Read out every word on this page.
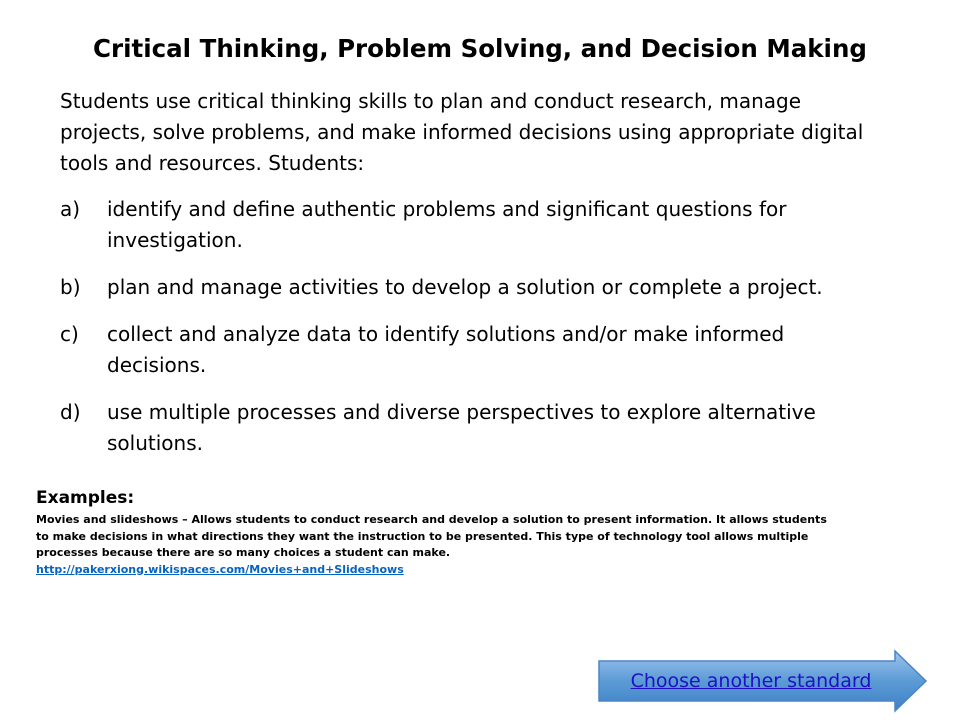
Critical Thinking, Problem Solving, and Decision Making
Students use critical thinking skills to plan and conduct research, manage projects, solve problems, and make informed decisions using appropriate digital tools and resources. Students:
a) identify and define authentic problems and significant questions for investigation.
b) plan and manage activities to develop a solution or complete a project.
c) collect and analyze data to identify solutions and/or make informed decisions.
d) use multiple processes and diverse perspectives to explore alternative solutions.
Examples:
Movies and slideshows – Allows students to conduct research and develop a solution to present information. It allows students to make decisions in what directions they want the instruction to be presented. This type of technology tool allows multiple processes because there are so many choices a student can make.
http://pakerxiong.wikispaces.com/Movies+and+Slideshows
Choose another standard
